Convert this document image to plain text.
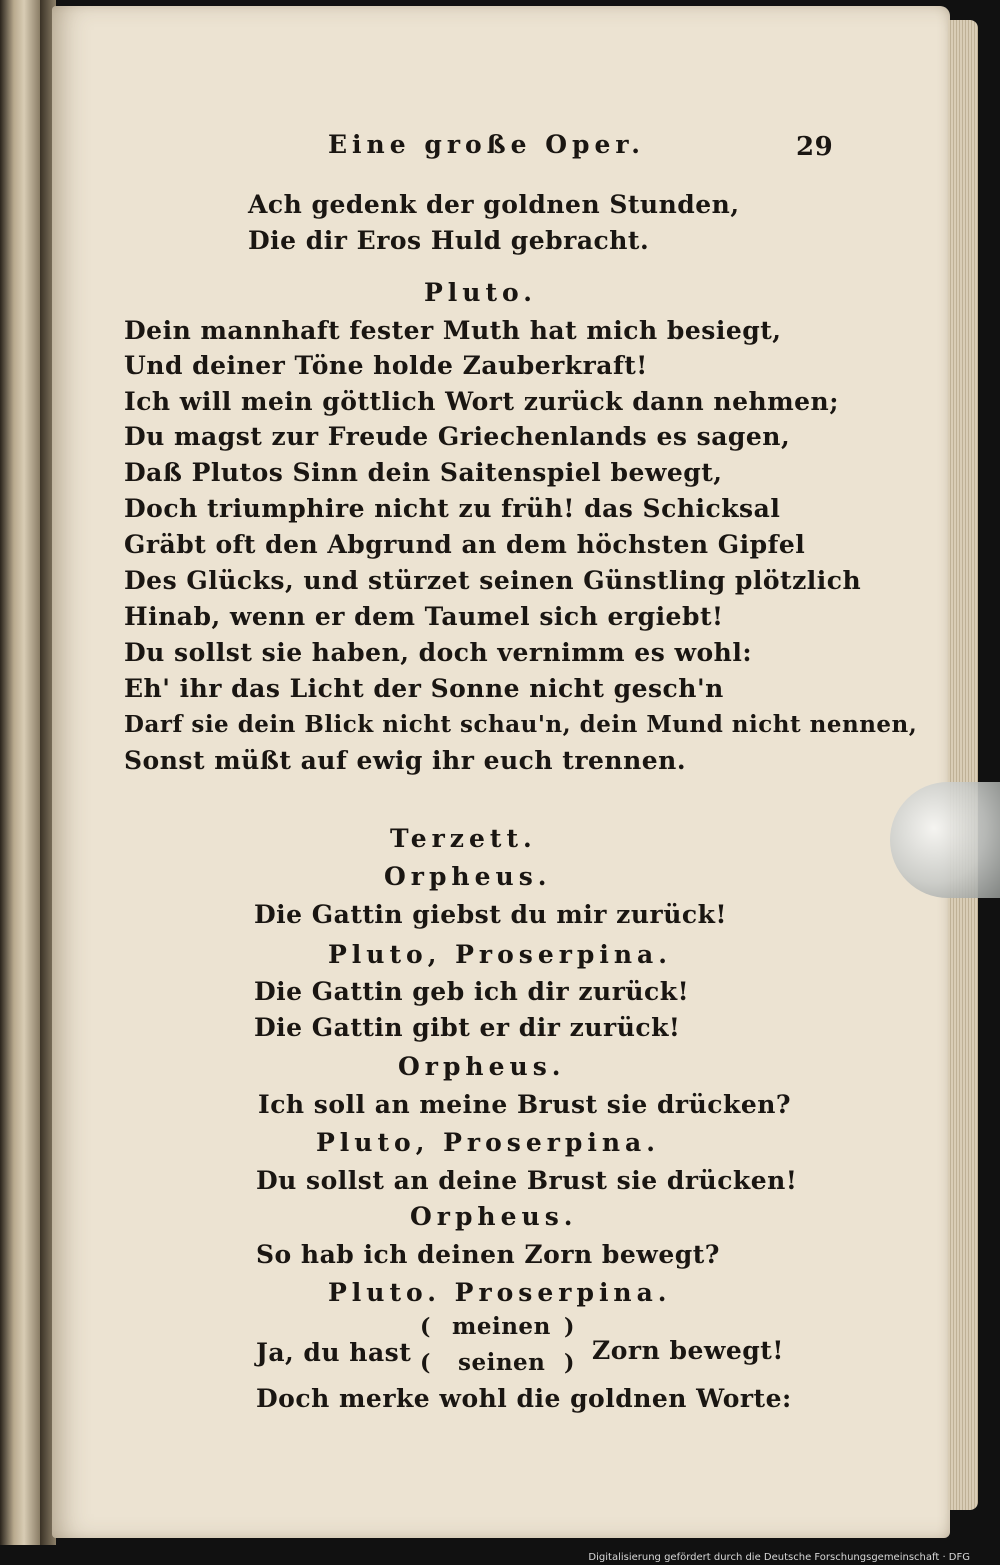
Eine große Oper.	29

Ach gedenk der goldnen Stunden,

Die dir Eros Huld gebracht.

Pluto.

Dein mannhaft fester Muth hat mich besiegt,

Und deiner Töne holde Zauberkraft!

Ich will mein göttlich Wort zurück dann nehmen;

Du magst zur Freude Griechenlands es sagen,

Daß Plutos Sinn dein Saitenspiel bewegt,

Doch triumphire nicht zu früh! das Schicksal

Gräbt oft den Abgrund an dem höchsten Gipfel

Des Glücks, und stürzet seinen Günstling plötzlich

Hinab, wenn er dem Taumel sich ergiebt!

Du sollst sie haben, doch vernimm es wohl:

Eh' ihr das Licht der Sonne nicht gesch'n

Darf sie dein Blick nicht schau'n, dein Mund nicht nennen,

Sonst müßt auf ewig ihr euch trennen.

Terzett.

Orpheus.

Die Gattin giebst du mir zurück!

Pluto, Proserpina.

Die Gattin geb ich dir zurück!

Die Gattin gibt er dir zurück!

Orpheus.

Ich soll an meine Brust sie drücken?

Pluto, Proserpina.

Du sollst an deine Brust sie drücken!

Orpheus.

So hab ich deinen Zorn bewegt?

Pluto. Proserpina.

Ja, du hast

( meinen )
( seinen ) Zorn bewegt!

Doch merke wohl die goldnen Worte:

Digitalisierung gefördert durch die Deutsche Forschungsgemeinschaft · DFG
